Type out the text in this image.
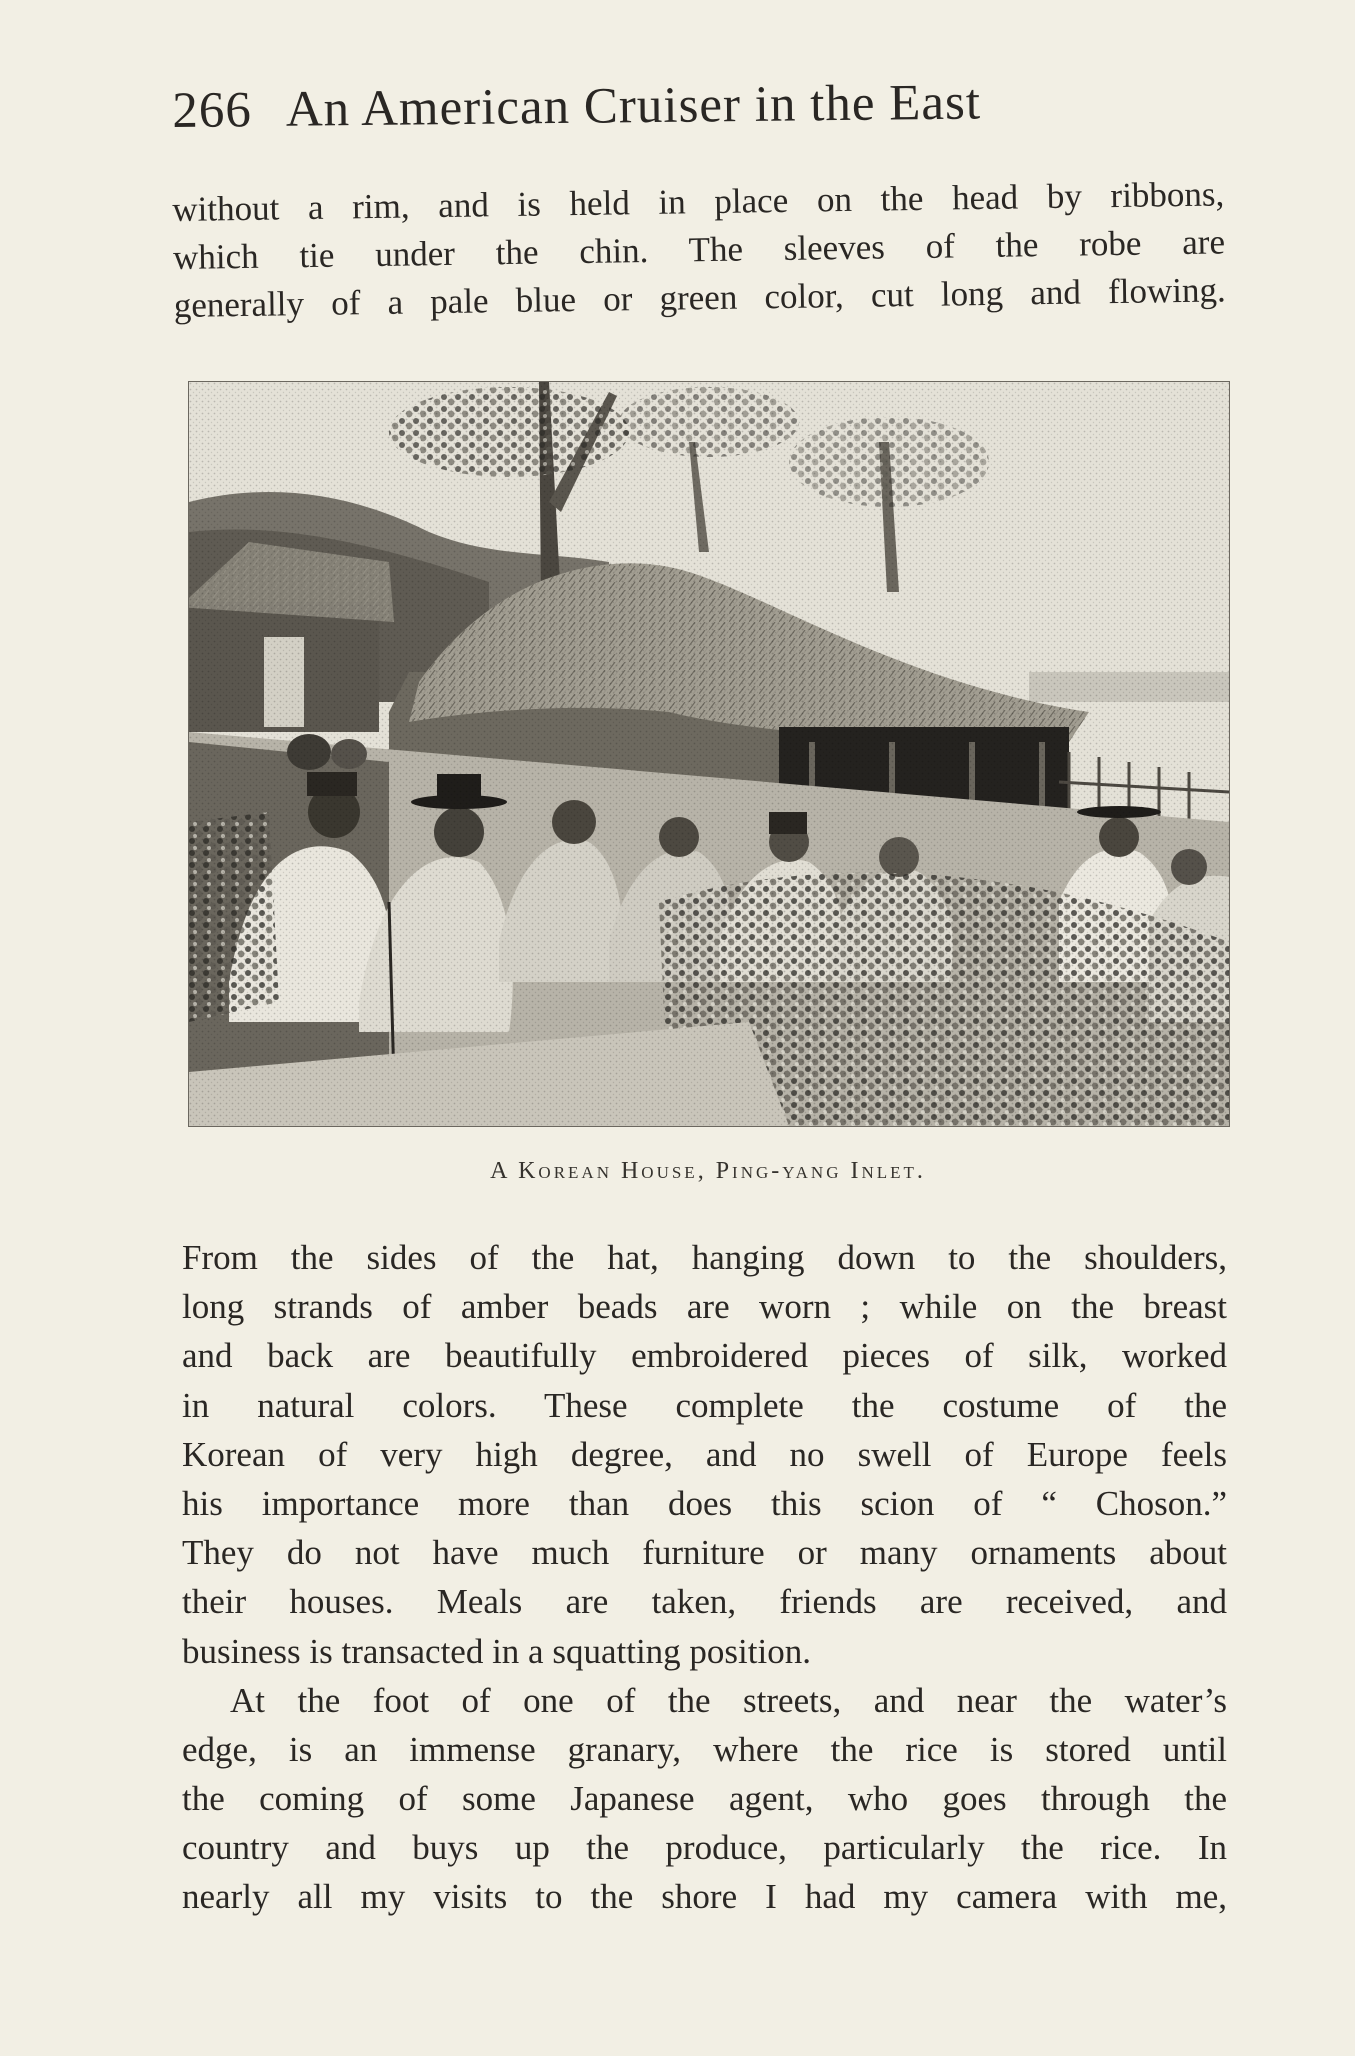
266 An American Cruiser in the East
without a rim, and is held in place on the head by ribbons,
which tie under the chin. The sleeves of the robe are
generally of a pale blue or green color, cut long and flowing.
A Korean House, Ping-yang Inlet.
From the sides of the hat, hanging down to the shoulders,
long strands of amber beads are worn ; while on the breast
and back are beautifully embroidered pieces of silk, worked
in natural colors. These complete the costume of the
Korean of very high degree, and no swell of Europe feels
his importance more than does this scion of “ Choson.”
They do not have much furniture or many ornaments about
their houses. Meals are taken, friends are received, and
business is transacted in a squatting position.
At the foot of one of the streets, and near the water’s
edge, is an immense granary, where the rice is stored until
the coming of some Japanese agent, who goes through the
country and buys up the produce, particularly the rice. In
nearly all my visits to the shore I had my camera with me,
